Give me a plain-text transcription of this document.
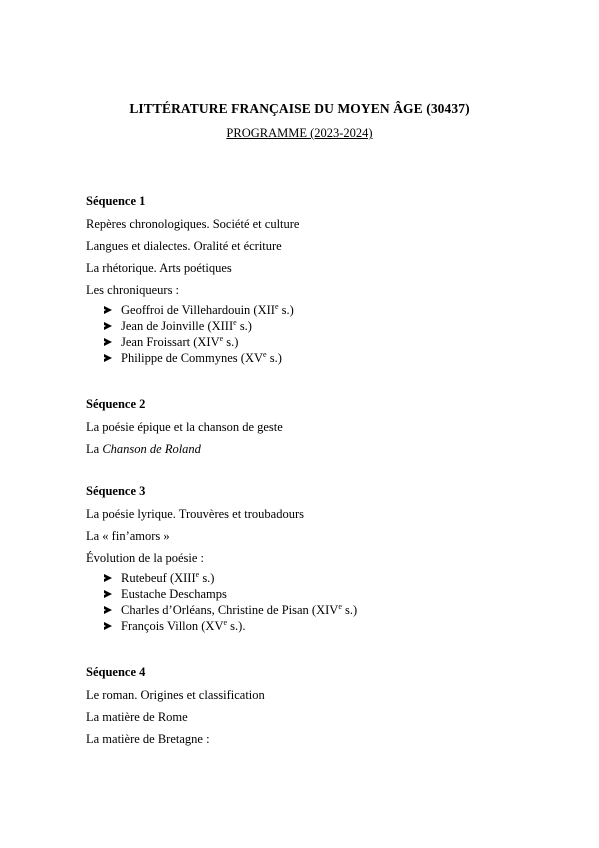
LITTÉRATURE FRANÇAISE DU MOYEN ÂGE (30437)
PROGRAMME (2023-2024)
Séquence 1
Repères chronologiques. Société et culture
Langues et dialectes. Oralité et écriture
La rhétorique. Arts poétiques
Les chroniqueurs :
Geoffroi de Villehardouin (XIIe s.)
Jean de Joinville (XIIIe s.)
Jean Froissart (XIVe s.)
Philippe de Commynes (XVe s.)
Séquence 2
La poésie épique et la chanson de geste
La Chanson de Roland
Séquence 3
La poésie lyrique. Trouvères et troubadours
La « fin’amors »
Évolution de la poésie :
Rutebeuf (XIIIe s.)
Eustache Deschamps
Charles d’Orléans, Christine de Pisan (XIVe s.)
François Villon (XVe s.).
Séquence 4
Le roman. Origines et classification
La matière de Rome
La matière de Bretagne :
